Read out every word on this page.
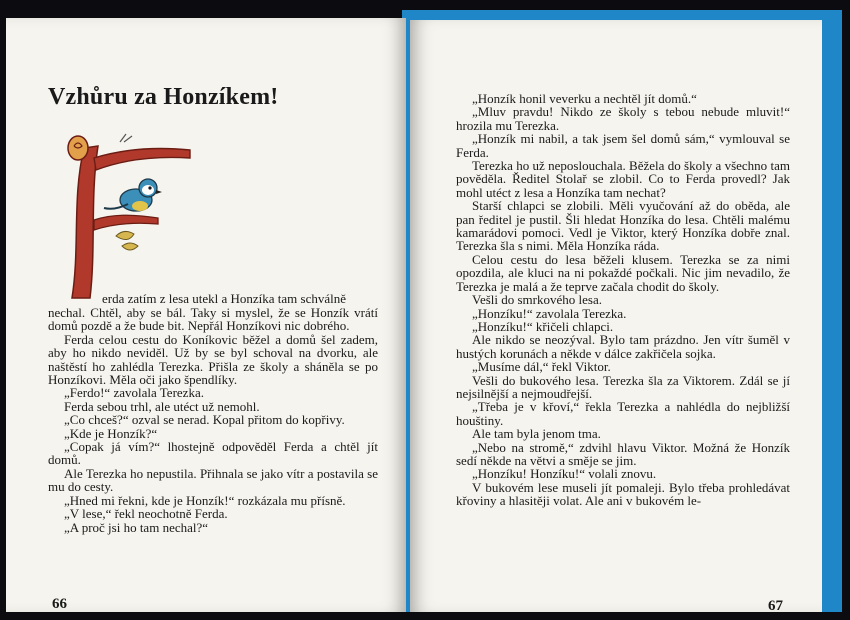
Vzhůru za Honzíkem!

erda zatím z lesa utekl a Honzíka tam schválně

nechal. Chtěl, aby se bál. Taky si myslel, že se Honzík vrátí domů pozdě a že bude bit. Nepřál Honzíkovi nic dobrého.

Ferda celou cestu do Koníkovic běžel a domů šel zadem, aby ho nikdo neviděl. Už by se byl schoval na dvorku, ale naštěstí ho zahlédla Terezka. Přišla ze školy a sháněla se po Honzíkovi. Měla oči jako špendlíky.

„Ferdo!“ zavolala Terezka.

Ferda sebou trhl, ale utéct už nemohl.

„Co chceš?“ ozval se nerad. Kopal přitom do kopřivy.

„Kde je Honzík?“

„Copak já vím?“ lhostejně odpověděl Ferda a chtěl jít domů.

Ale Terezka ho nepustila. Přihnala se jako vítr a postavila se mu do cesty.

„Hned mi řekni, kde je Honzík!“ rozkázala mu přísně.

„V lese,“ řekl neochotně Ferda.

„A proč jsi ho tam nechal?“

66

„Honzík honil veverku a nechtěl jít domů.“

„Mluv pravdu! Nikdo ze školy s tebou nebude mluvit!“ hrozila mu Terezka.

„Honzík mi nabil, a tak jsem šel domů sám,“ vymlouval se Ferda.

Terezka ho už neposlouchala. Běžela do školy a všechno tam pověděla. Ředitel Stolař se zlobil. Co to Ferda provedl? Jak mohl utéct z lesa a Honzíka tam nechat?

Starší chlapci se zlobili. Měli vyučování až do oběda, ale pan ředitel je pustil. Šli hledat Honzíka do lesa. Chtěli malému kamarádovi pomoci. Vedl je Viktor, který Honzíka dobře znal. Terezka šla s nimi. Měla Honzíka ráda.

Celou cestu do lesa běželi klusem. Terezka se za nimi opozdila, ale kluci na ni pokaždé počkali. Nic jim nevadilo, že Terezka je malá a že teprve začala chodit do školy.

Vešli do smrkového lesa.

„Honzíku!“ zavolala Terezka.

„Honzíku!“ křičeli chlapci.

Ale nikdo se neozýval. Bylo tam prázdno. Jen vítr šuměl v hustých korunách a někde v dálce zakřičela sojka.

„Musíme dál,“ řekl Viktor.

Vešli do bukového lesa. Terezka šla za Viktorem. Zdál se jí nejsilnější a nejmoudřejší.

„Třeba je v křoví,“ řekla Terezka a nahlédla do nejbližší houštiny.

Ale tam byla jenom tma.

„Nebo na stromě,“ zdvihl hlavu Viktor. Možná že Honzík sedí někde na větvi a směje se jim.

„Honzíku! Honzíku!“ volali znovu.

V bukovém lese museli jít pomaleji. Bylo třeba prohledávat křoviny a hlasitěji volat. Ale ani v bukovém le-

67
